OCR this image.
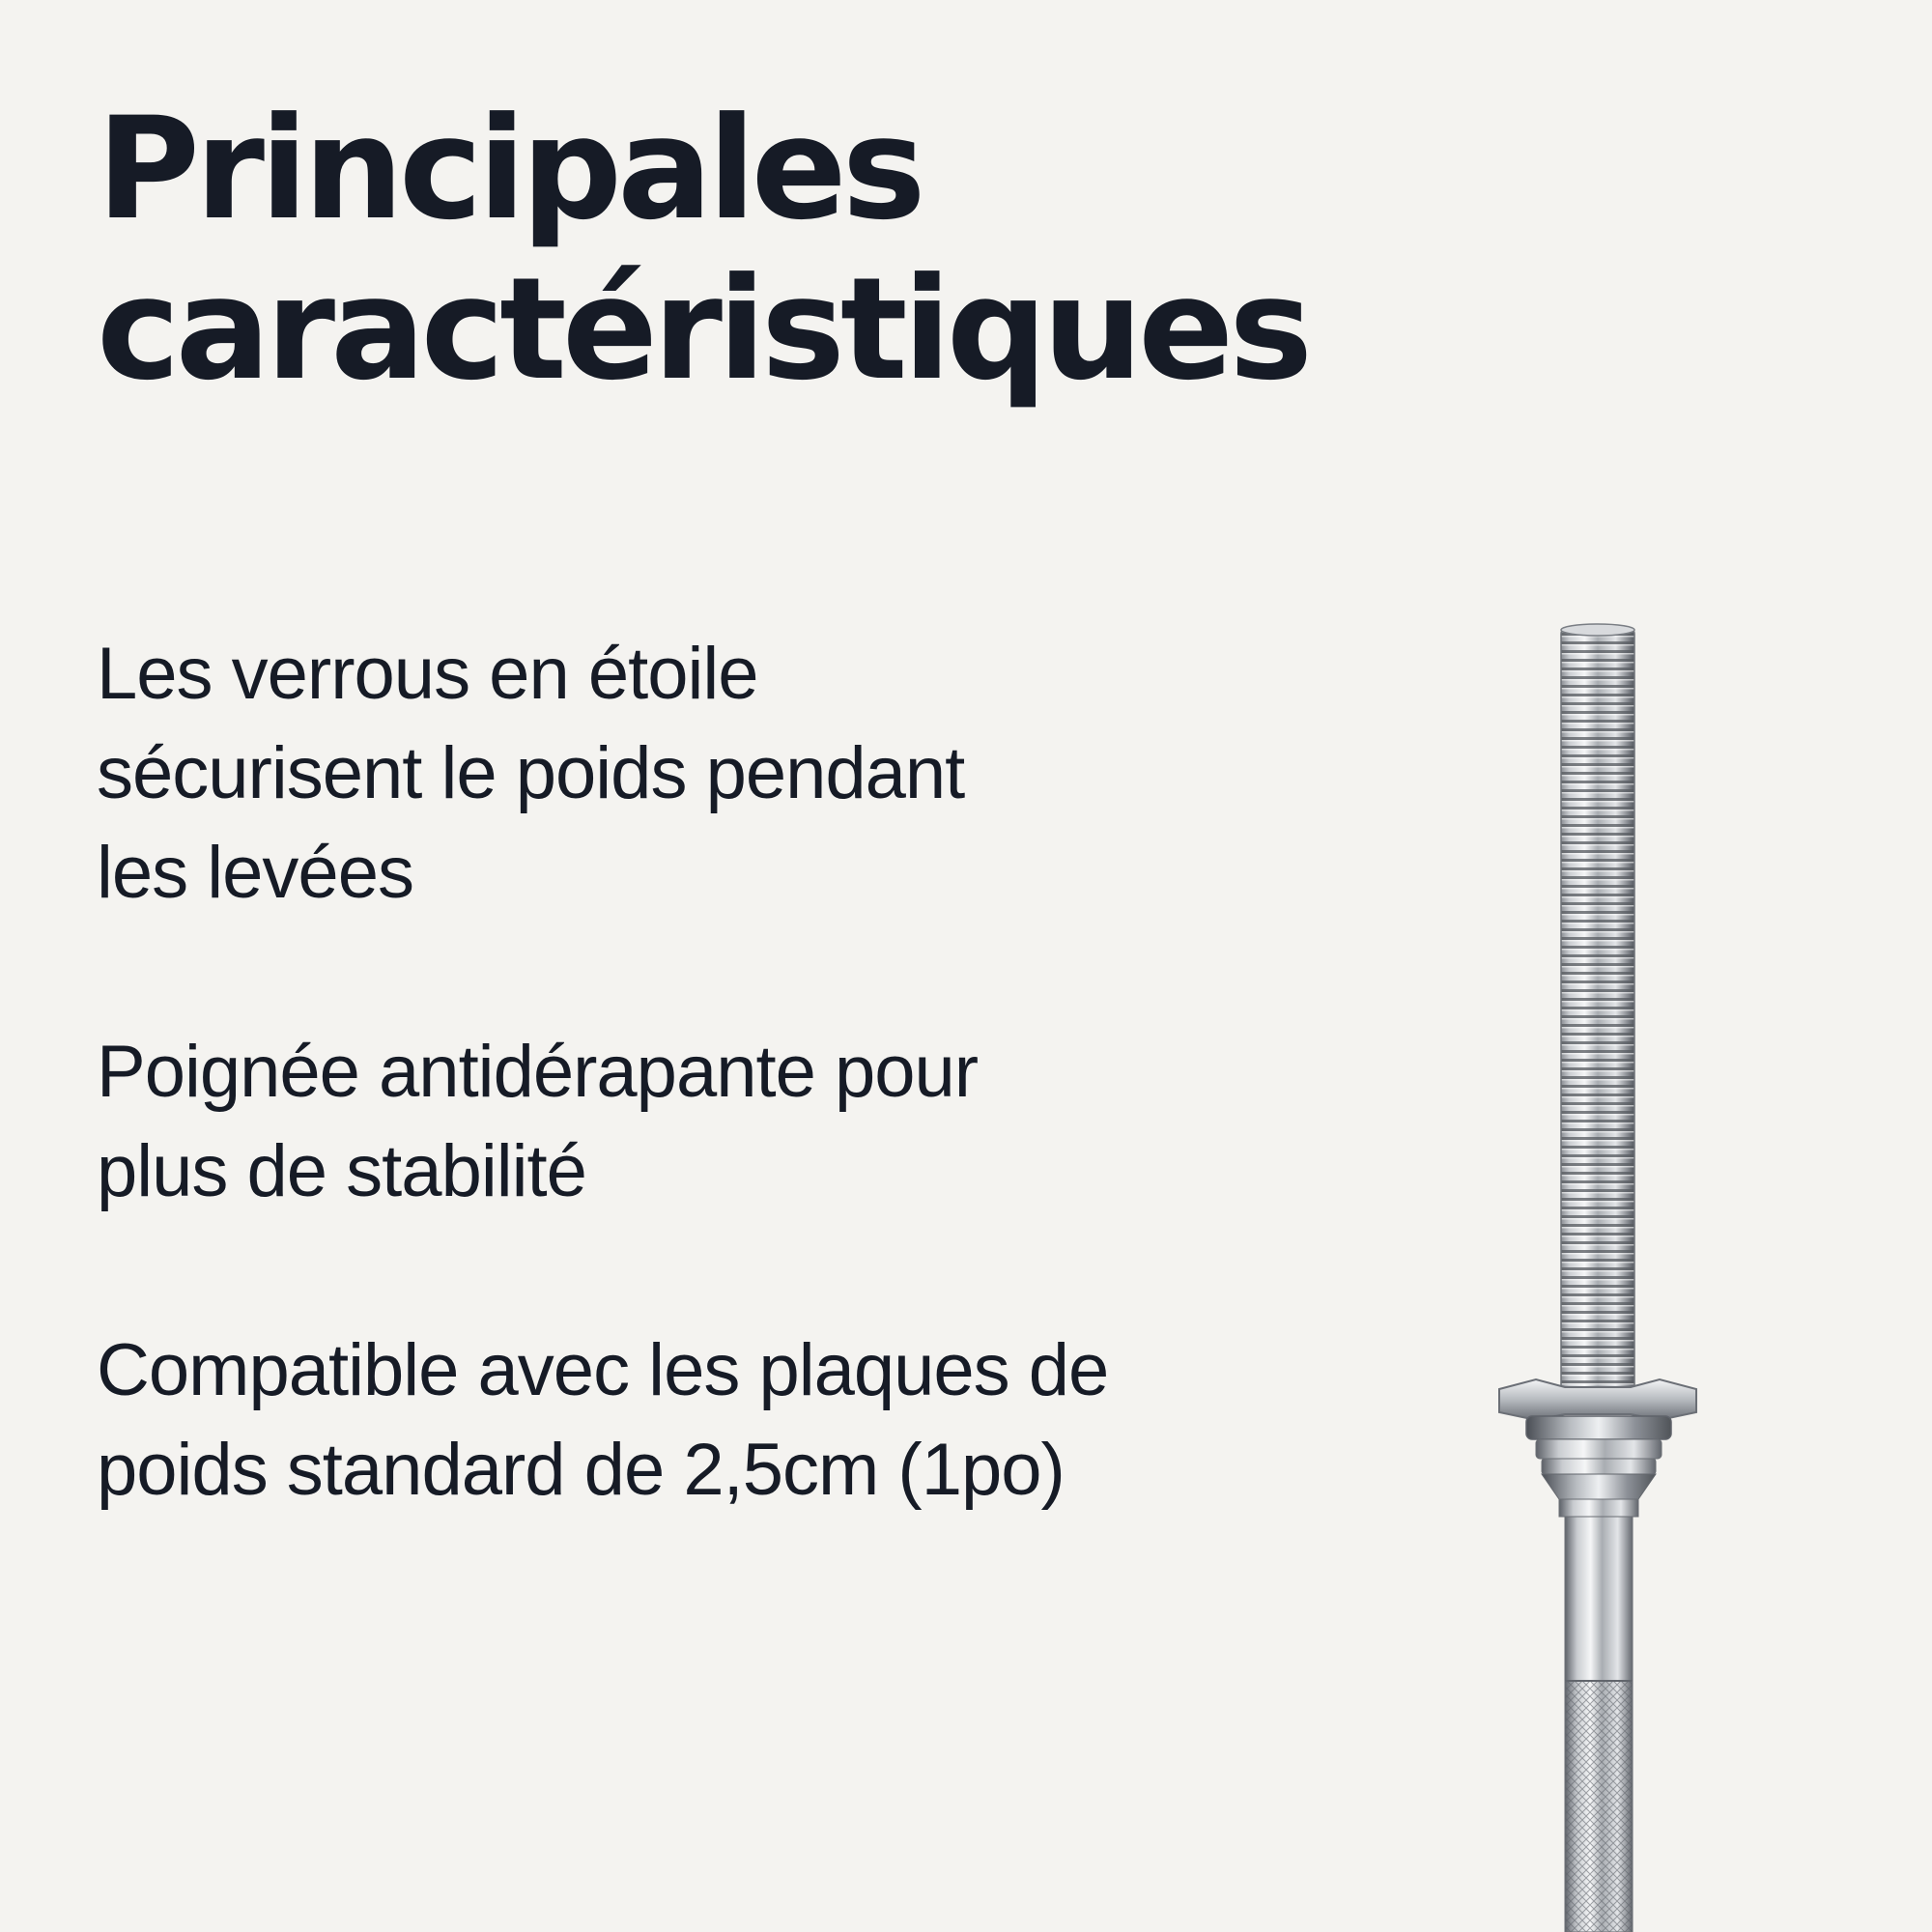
Principales
caractéristiques
Les verrous en étoile
sécurisent le poids pendant
les levées
Poignée antidérapante pour
plus de stabilité
Compatible avec les plaques de
poids standard de 2,5cm (1po)
